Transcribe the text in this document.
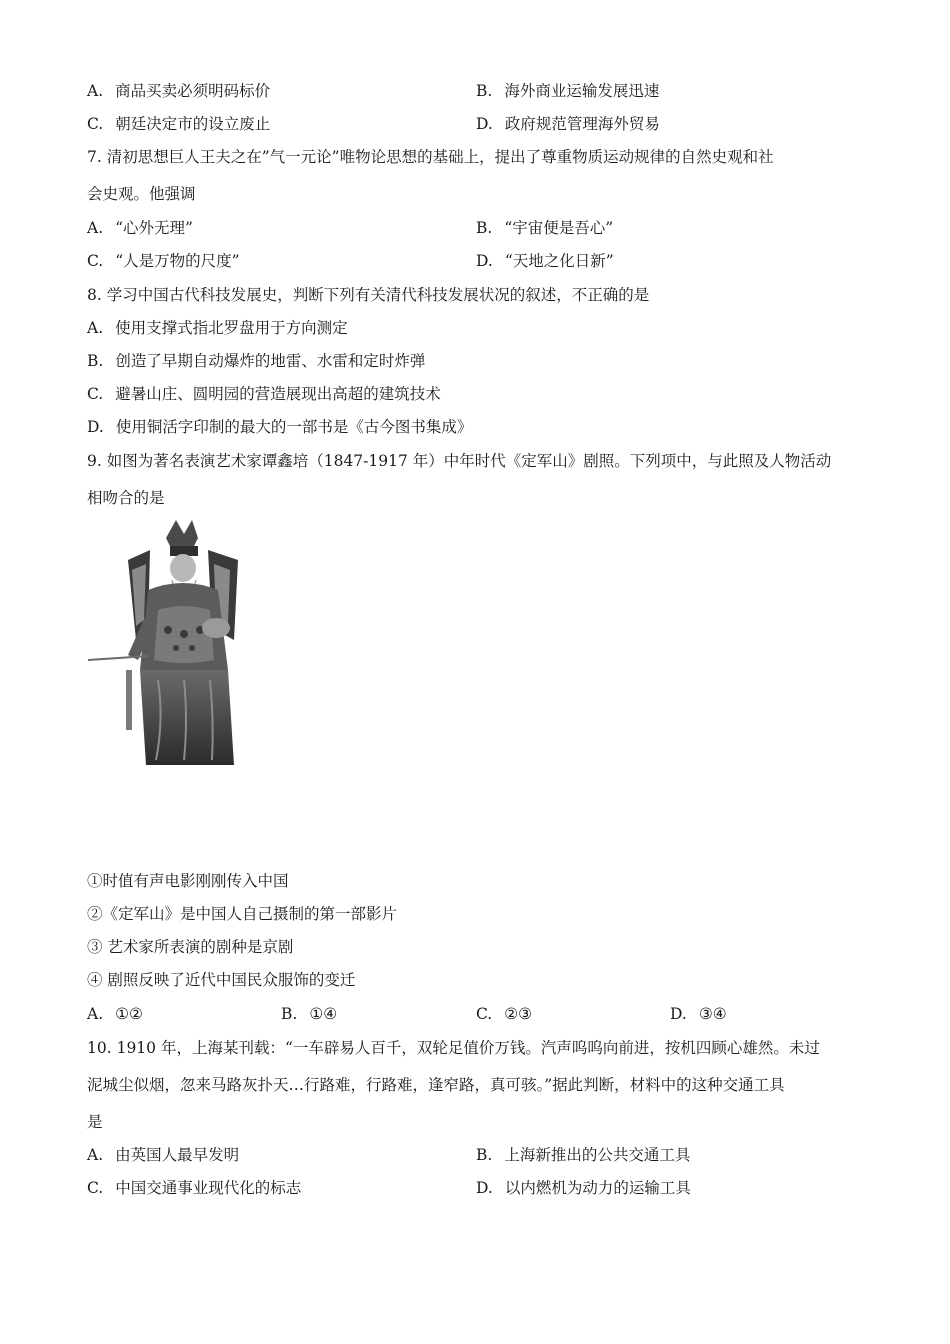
A. 商品买卖必须明码标价	B. 海外商业运输发展迅速
C. 朝廷决定市的设立废止	D. 政府规范管理海外贸易
7. 清初思想巨人王夫之在”气一元论”唯物论思想的基础上，提出了尊重物质运动规律的自然史观和社
会史观。他强调
A. “心外无理”	B. “宇宙便是吾心”
C. “人是万物的尺度”	D. “天地之化日新”
8. 学习中国古代科技发展史，判断下列有关清代科技发展状况的叙述，不正确的是
A. 使用支撑式指北罗盘用于方向测定
B. 创造了早期自动爆炸的地雷、水雷和定时炸弹
C. 避暑山庄、圆明园的营造展现出高超的建筑技术
D. 使用铜活字印制的最大的一部书是《古今图书集成》
9. 如图为著名表演艺术家谭鑫培（1847-1917 年）中年时代《定军山》剧照。下列项中，与此照及人物活动
相吻合的是
①时值有声电影刚刚传入中国
②《定军山》是中国人自己摄制的第一部影片
③ 艺术家所表演的剧种是京剧
④ 剧照反映了近代中国民众服饰的变迁
A. ①②	B. ①④	C. ②③	D. ③④
10. 1910 年，上海某刊载：“一车辟易人百千，双轮足值价万钱。汽声呜呜向前进，按机四顾心雄然。未过
泥城尘似烟，忽来马路灰扑天…行路难，行路难，逢窄路，真可骇。”据此判断，材料中的这种交通工具
是
A. 由英国人最早发明	B. 上海新推出的公共交通工具
C. 中国交通事业现代化的标志	D. 以内燃机为动力的运输工具
